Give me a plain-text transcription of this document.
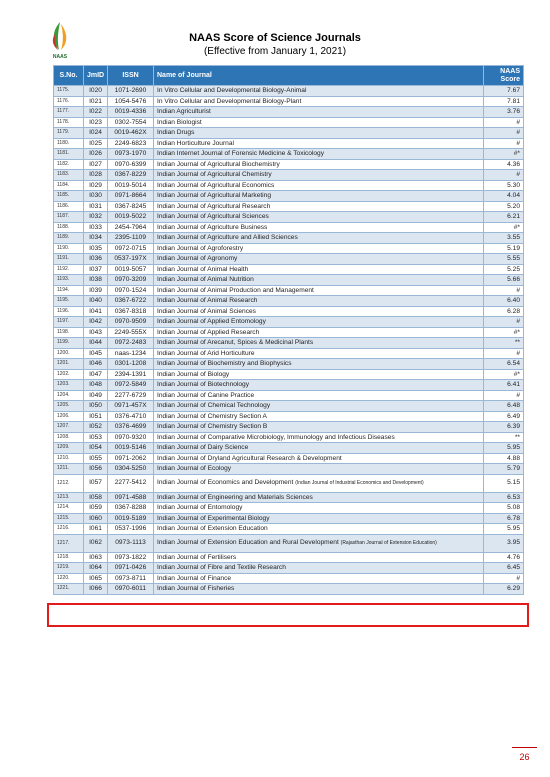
NAAS
NAAS Score of Science Journals
(Effective from January 1, 2021)
S.No.	JmID	ISSN	Name of Journal	NAAS Score
1175.	I020	1071-2690	In Vitro Cellular and Developmental Biology-Animal	7.67
1176.	I021	1054-5476	In Vitro Cellular and Developmental Biology-Plant	7.81
1177.	I022	0019-4336	Indian Agriculturist	3.76
1178.	I023	0302-7554	Indian Biologist	#
1179.	I024	0019-462X	Indian Drugs	#
1180.	I025	2249-6823	Indian Horticulture Journal	#
1181.	I026	0973-1970	Indian Internet Journal of Forensic Medicine & Toxicology	#*
1182.	I027	0970-6399	Indian Journal of Agricultural Biochemistry	4.36
1183.	I028	0367-8229	Indian Journal of Agricultural Chemistry	#
1184.	I029	0019-5014	Indian Journal of Agricultural Economics	5.30
1185.	I030	0971-8664	Indian Journal of Agricultural Marketing	4.04
1186.	I031	0367-8245	Indian Journal of Agricultural Research	5.20
1187.	I032	0019-5022	Indian Journal of Agricultural Sciences	6.21
1188.	I033	2454-7964	Indian Journal of Agriculture Business	#*
1189.	I034	2395-1109	Indian Journal of Agriculture and Allied Sciences	3.55
1190.	I035	0972-0715	Indian Journal of Agroforestry	5.19
1191.	I036	0537-197X	Indian Journal of Agronomy	5.55
1192.	I037	0019-5057	Indian Journal of Animal Health	5.25
1193.	I038	0970-3209	Indian Journal of Animal Nutrition	5.66
1194.	I039	0970-1524	Indian Journal of Animal Production and Management	#
1195.	I040	0367-6722	Indian Journal of Animal Research	6.40
1196.	I041	0367-8318	Indian Journal of Animal Sciences	6.28
1197.	I042	0970-9509	Indian Journal of Applied Entomology	#
1198.	I043	2249-555X	Indian Journal of Applied Research	#*
1199.	I044	0972-2483	Indian Journal of Arecanut, Spices & Medicinal Plants	**
1200.	I045	naas-1234	Indian Journal of Arid Horticulture	#
1201.	I046	0301-1208	Indian Journal of Biochemistry and Biophysics	6.54
1202.	I047	2394-1391	Indian Journal of Biology	#*
1203.	I048	0972-5849	Indian Journal of Biotechnology	6.41
1204.	I049	2277-6729	Indian Journal of Canine Practice	#
1205.	I050	0971-457X	Indian Journal of Chemical Technology	6.48
1206.	I051	0376-4710	Indian Journal of Chemistry Section A	6.49
1207.	I052	0376-4699	Indian Journal of Chemistry Section B	6.39
1208.	I053	0970-9320	Indian Journal of Comparative Microbiology, Immunology and Infectious Diseases	**
1209.	I054	0019-5146	Indian Journal of Dairy Science	5.95
1210.	I055	0971-2062	Indian Journal of Dryland Agricultural Research & Development	4.88
1211.	I056	0304-5250	Indian Journal of Ecology	5.79
1212.	I057	2277-5412	Indian Journal of Economics and Development (Indian Journal of Industrial Economics and Development)	5.15
1213.	I058	0971-4588	Indian Journal of Engineering and Materials Sciences	6.53
1214.	I059	0367-8288	Indian Journal of Entomology	5.08
1215.	I060	0019-5189	Indian Journal of Experimental Biology	6.78
1216.	I061	0537-1996	Indian Journal of Extension Education	5.95
1217.	I062	0973-1113	Indian Journal of Extension Education and Rural Development (Rajasthan Journal of Extension Education)	3.95
1218.	I063	0973-1822	Indian Journal of Fertilisers	4.76
1219.	I064	0971-0426	Indian Journal of Fibre and Textile Research	6.45
1220.	I065	0973-8711	Indian Journal of Finance	#
1221.	I066	0970-6011	Indian Journal of Fisheries	6.29
26
